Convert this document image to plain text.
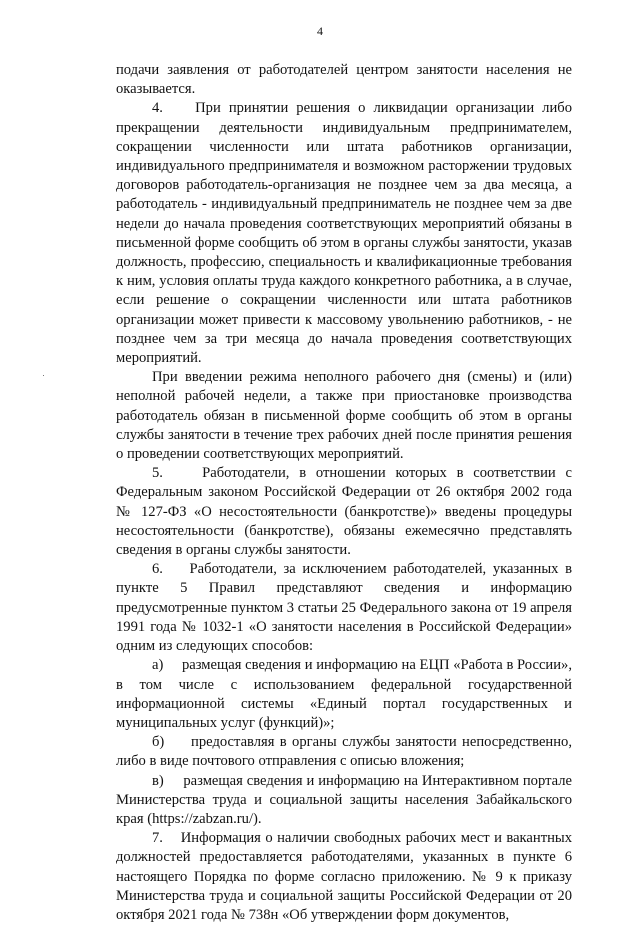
4

подачи заявления от работодателей центром занятости населения не оказывается.

4.    При принятии решения о ликвидации организации либо прекращении деятельности индивидуальным предпринимателем, сокращении численности или штата работников организации, индивидуального предпринимателя и возможном расторжении трудовых договоров работодатель-организация не позднее чем за два месяца, а работодатель - индивидуальный предприниматель не позднее чем за две недели до начала проведения соответствующих мероприятий обязаны в письменной форме сообщить об этом в органы службы занятости, указав должность, профессию, специальность и квалификационные требования к ним, условия оплаты труда каждого конкретного работника, а в случае, если решение о сокращении численности или штата работников организации может привести к массовому увольнению работников, - не позднее чем за три месяца до начала проведения соответствующих мероприятий.

При введении режима неполного рабочего дня (смены) и (или) неполной рабочей недели, а также при приостановке производства работодатель обязан в письменной форме сообщить об этом в органы службы занятости в течение трех рабочих дней после принятия решения о проведении соответствующих мероприятий.

5.    Работодатели, в отношении которых в соответствии с Федеральным законом Российской Федерации от 26 октября 2002 года № 127-ФЗ «О несостоятельности (банкротстве)» введены процедуры несостоятельности (банкротстве), обязаны ежемесячно представлять сведения в органы службы занятости.

6.    Работодатели, за исключением работодателей, указанных в пункте 5 Правил представляют сведения и информацию предусмотренные пунктом 3 статьи 25 Федерального закона от 19 апреля 1991 года № 1032-1 «О занятости населения в Российской Федерации» одним из следующих способов:

а)     размещая сведения и информацию на ЕЦП «Работа в России», в том числе с использованием федеральной государственной информационной системы «Единый портал государственных и муниципальных услуг (функций)»;

б)     предоставляя в органы службы занятости непосредственно, либо в виде почтового отправления с описью вложения;

в)     размещая сведения и информацию на Интерактивном портале Министерства труда и социальной защиты населения Забайкальского края (https://zabzan.ru/).

7.    Информация о наличии свободных рабочих мест и вакантных должностей предоставляется работодателями, указанных в пункте 6 настоящего Порядка по форме согласно приложению. № 9 к приказу Министерства труда и социальной защиты Российской Федерации от 20 октября 2021 года № 738н «Об утверждении форм документов,
